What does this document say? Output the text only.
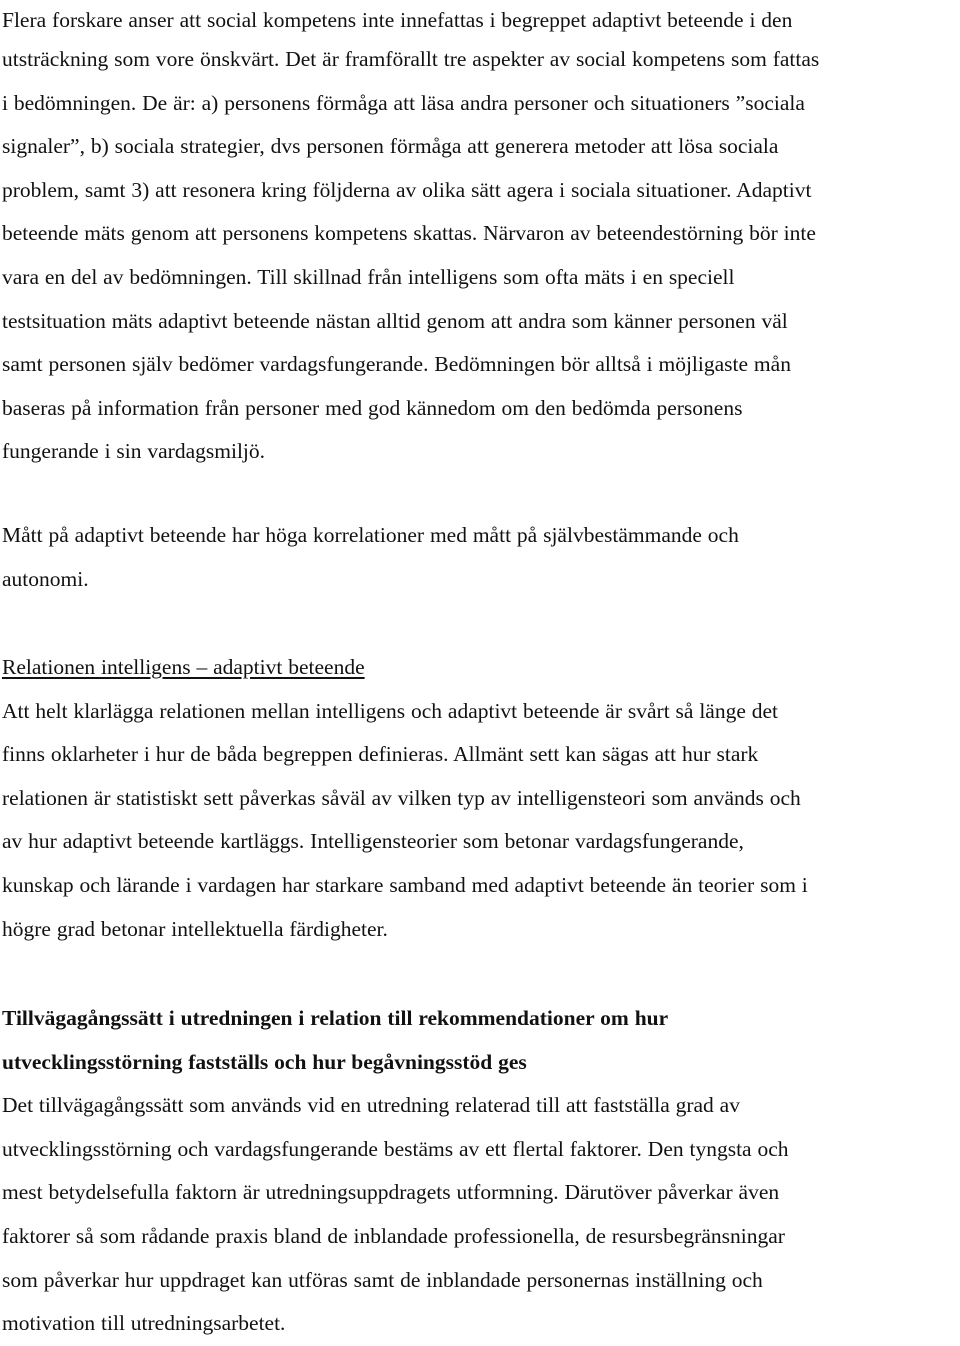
Flera forskare anser att social kompetens inte innefattas i begreppet adaptivt beteende i den
utsträckning som vore önskvärt. Det är framförallt tre aspekter av social kompetens som fattas
i bedömningen. De är: a) personens förmåga att läsa andra personer och situationers ”sociala
signaler”, b) sociala strategier, dvs personen förmåga att generera metoder att lösa sociala
problem, samt 3) att resonera kring följderna av olika sätt agera i sociala situationer. Adaptivt
beteende mäts genom att personens kompetens skattas. Närvaron av beteendestörning bör inte
vara en del av bedömningen. Till skillnad från intelligens som ofta mäts i en speciell
testsituation mäts adaptivt beteende nästan alltid genom att andra som känner personen väl
samt personen själv bedömer vardagsfungerande. Bedömningen bör alltså i möjligaste mån
baseras på information från personer med god kännedom om den bedömda personens
fungerande i sin vardagsmiljö.
Mått på adaptivt beteende har höga korrelationer med mått på självbestämmande och
autonomi.
Relationen intelligens – adaptivt beteende
Att helt klarlägga relationen mellan intelligens och adaptivt beteende är svårt så länge det
finns oklarheter i hur de båda begreppen definieras. Allmänt sett kan sägas att hur stark
relationen är statistiskt sett påverkas såväl av vilken typ av intelligensteori som används och
av hur adaptivt beteende kartläggs. Intelligensteorier som betonar vardagsfungerande,
kunskap och lärande i vardagen har starkare samband med adaptivt beteende än teorier som i
högre grad betonar intellektuella färdigheter.
Tillvägagångssätt i utredningen i relation till rekommendationer om hur
utvecklingsstörning fastställs och hur begåvningsstöd ges
Det tillvägagångssätt som används vid en utredning relaterad till att fastställa grad av
utvecklingsstörning och vardagsfungerande bestäms av ett flertal faktorer. Den tyngsta och
mest betydelsefulla faktorn är utredningsuppdragets utformning. Därutöver påverkar även
faktorer så som rådande praxis bland de inblandade professionella, de resursbegränsningar
som påverkar hur uppdraget kan utföras samt de inblandade personernas inställning och
motivation till utredningsarbetet.
